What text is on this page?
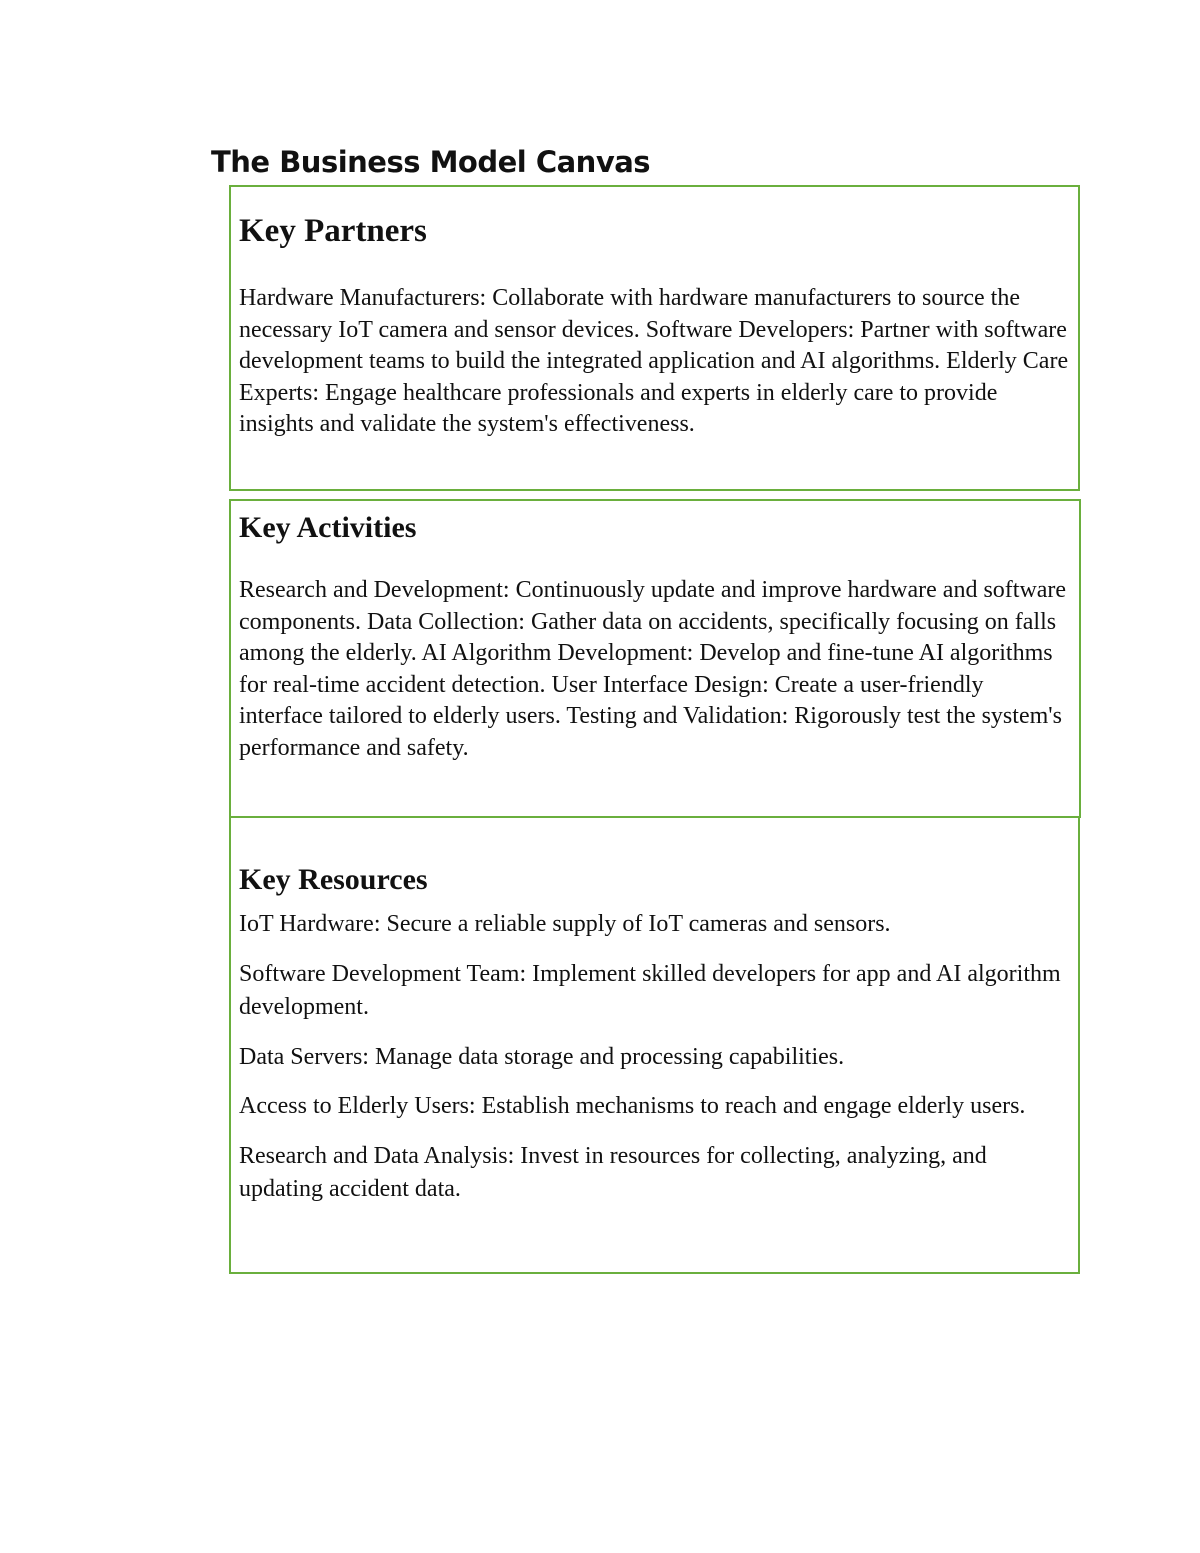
The Business Model Canvas
Key Partners

Hardware Manufacturers: Collaborate with hardware manufacturers to source the necessary IoT camera and sensor devices. Software Developers: Partner with software development teams to build the integrated application and AI algorithms. Elderly Care Experts: Engage healthcare professionals and experts in elderly care to provide insights and validate the system's effectiveness.

Key Activities

Research and Development: Continuously update and improve hardware and software components. Data Collection: Gather data on accidents, specifically focusing on falls among the elderly. AI Algorithm Development: Develop and fine-tune AI algorithms for real-time accident detection. User Interface Design: Create a user-friendly interface tailored to elderly users. Testing and Validation: Rigorously test the system's performance and safety.

Key Resources

IoT Hardware: Secure a reliable supply of IoT cameras and sensors.

Software Development Team: Implement skilled developers for app and AI algorithm development.

Data Servers: Manage data storage and processing capabilities.

Access to Elderly Users: Establish mechanisms to reach and engage elderly users.

Research and Data Analysis: Invest in resources for collecting, analyzing, and updating accident data.
